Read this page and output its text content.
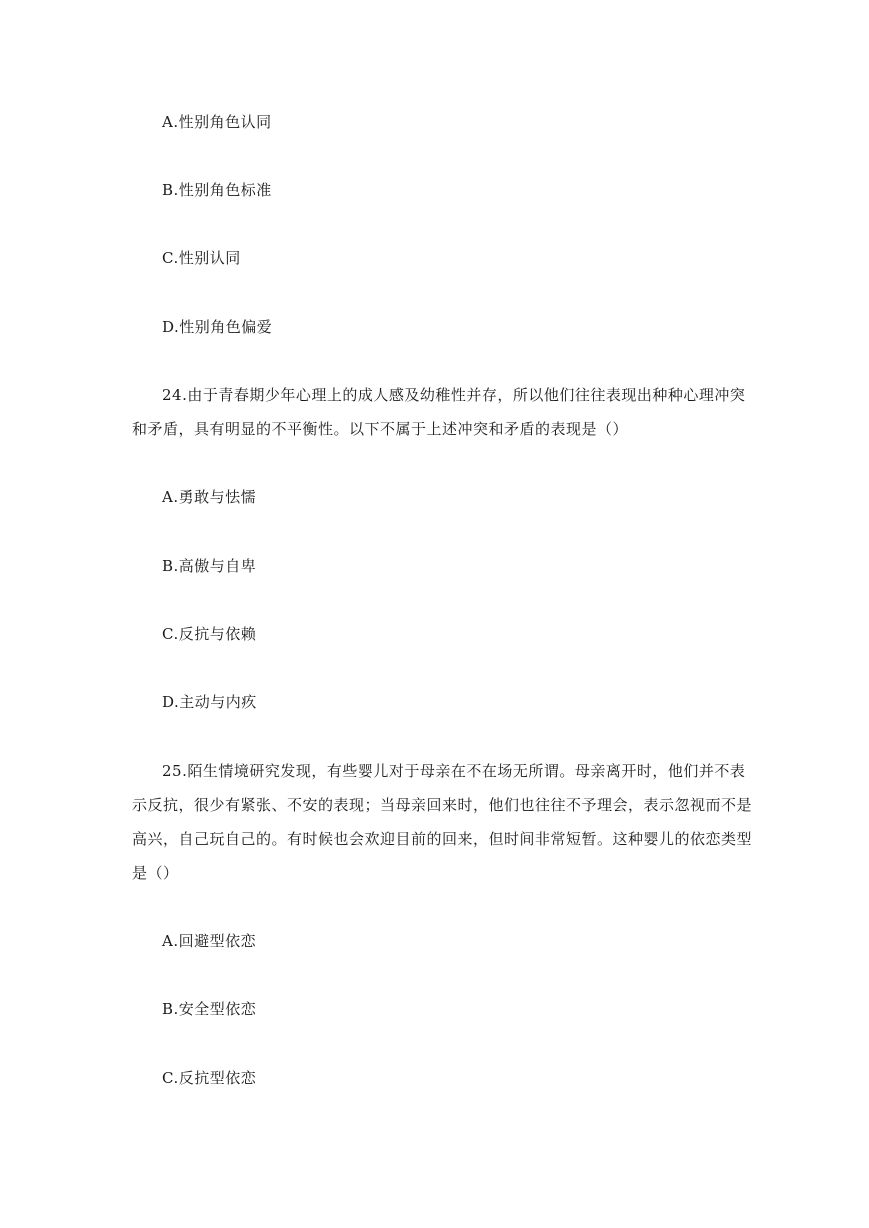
A.性别角色认同
B.性别角色标准
C.性别认同
D.性别角色偏爱
24.由于青春期少年心理上的成人感及幼稚性并存，所以他们往往表现出种种心理冲突
和矛盾，具有明显的不平衡性。以下不属于上述冲突和矛盾的表现是（）
A.勇敢与怯懦
B.高傲与自卑
C.反抗与依赖
D.主动与内疚
25.陌生情境研究发现，有些婴儿对于母亲在不在场无所谓。母亲离开时，他们并不表
示反抗，很少有紧张、不安的表现；当母亲回来时，他们也往往不予理会，表示忽视而不是
高兴，自己玩自己的。有时候也会欢迎目前的回来，但时间非常短暂。这种婴儿的依恋类型
是（）
A.回避型依恋
B.安全型依恋
C.反抗型依恋
